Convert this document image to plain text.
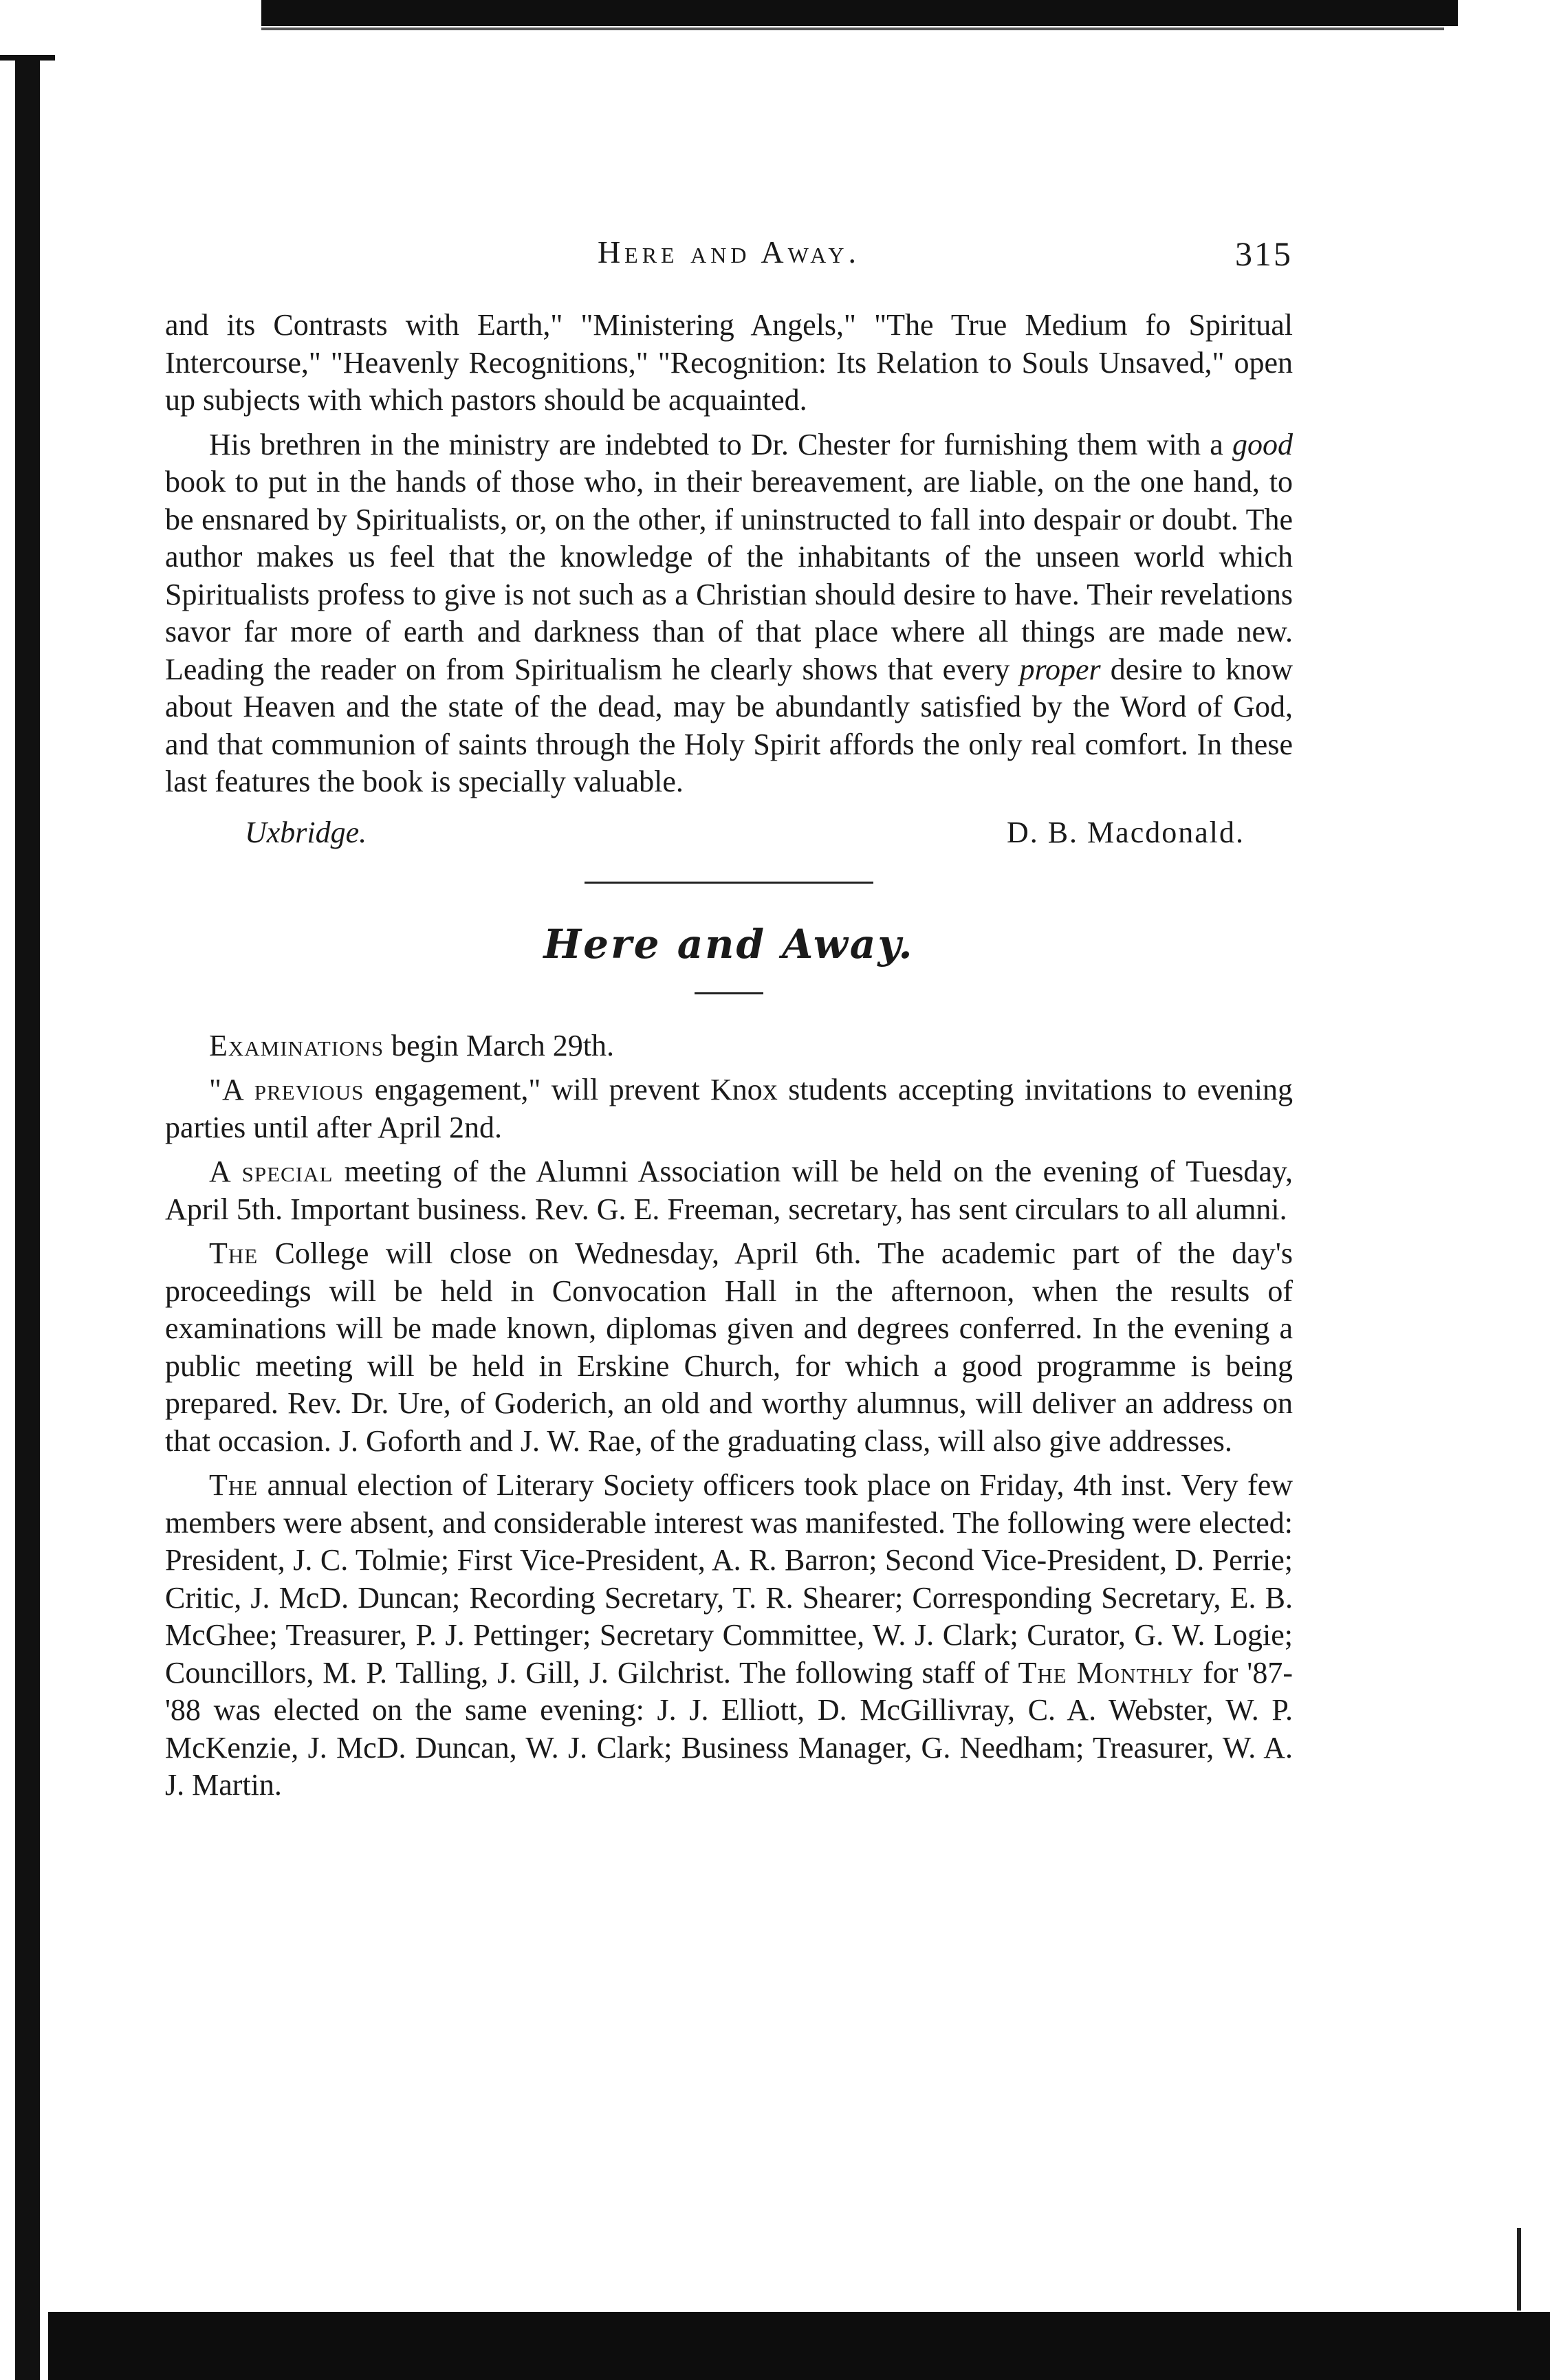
Here and Away.	315

and its Contrasts with Earth," "Ministering Angels," "The True Medium fo Spiritual Intercourse," "Heavenly Recognitions," "Recognition: Its Relation to Souls Unsaved," open up subjects with which pastors should be acquainted.

His brethren in the ministry are indebted to Dr. Chester for furnishing them with a good book to put in the hands of those who, in their bereavement, are liable, on the one hand, to be ensnared by Spiritualists, or, on the other, if uninstructed to fall into despair or doubt. The author makes us feel that the knowledge of the inhabitants of the unseen world which Spiritualists profess to give is not such as a Christian should desire to have. Their revelations savor far more of earth and darkness than of that place where all things are made new. Leading the reader on from Spiritualism he clearly shows that every proper desire to know about Heaven and the state of the dead, may be abundantly satisfied by the Word of God, and that communion of saints through the Holy Spirit affords the only real comfort. In these last features the book is specially valuable.

Uxbridge.	D. B. Macdonald.
Here and Away.

Examinations begin March 29th.

"A previous engagement," will prevent Knox students accepting invitations to evening parties until after April 2nd.

A special meeting of the Alumni Association will be held on the evening of Tuesday, April 5th. Important business. Rev. G. E. Freeman, secretary, has sent circulars to all alumni.

The College will close on Wednesday, April 6th. The academic part of the day's proceedings will be held in Convocation Hall in the afternoon, when the results of examinations will be made known, diplomas given and degrees conferred. In the evening a public meeting will be held in Erskine Church, for which a good programme is being prepared. Rev. Dr. Ure, of Goderich, an old and worthy alumnus, will deliver an address on that occasion. J. Goforth and J. W. Rae, of the graduating class, will also give addresses.

The annual election of Literary Society officers took place on Friday, 4th inst. Very few members were absent, and considerable interest was manifested. The following were elected: President, J. C. Tolmie; First Vice-President, A. R. Barron; Second Vice-President, D. Perrie; Critic, J. McD. Duncan; Recording Secretary, T. R. Shearer; Corresponding Secretary, E. B. McGhee; Treasurer, P. J. Pettinger; Secretary Committee, W. J. Clark; Curator, G. W. Logie; Councillors, M. P. Talling, J. Gill, J. Gilchrist. The following staff of The Monthly for '87-'88 was elected on the same evening: J. J. Elliott, D. McGillivray, C. A. Webster, W. P. McKenzie, J. McD. Duncan, W. J. Clark; Business Manager, G. Needham; Treasurer, W. A. J. Martin.
